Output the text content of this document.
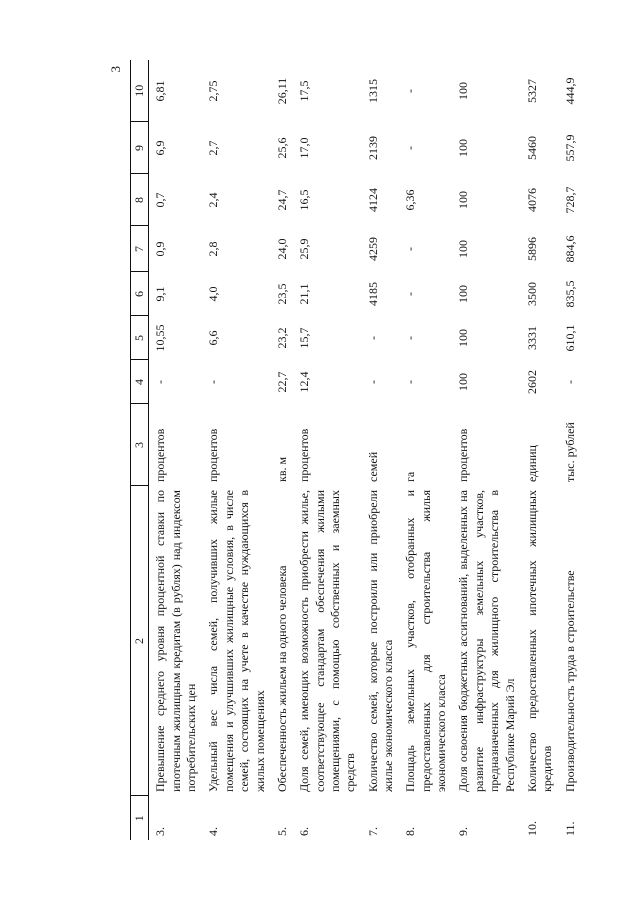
3
1	2	3	4	5	6	7	8	9	10
3.	Превышение среднего уровня процентной ставки по ипотечным жилищным кредитам (в рублях) над индексом потребительских цен	процентов	-	10,55	9,1	0,9	0,7	6,9	6,81
4.	Удельный вес числа семей, получивших жилые помещения и улучшивших жилищные условия, в числе семей, состоящих на учете в качестве нуждающихся в жилых помещениях	процентов	-	6,6	4,0	2,8	2,4	2,7	2,75
5.	Обеспеченность жильем на одного человека	кв. м	22,7	23,2	23,5	24,0	24,7	25,6	26,11
6.	Доля семей, имеющих возможность приобрести жилье, соответствующее стандартам обеспечения жилыми помещениями, с помощью собственных и заемных средств	процентов	12,4	15,7	21,1	25,9	16,5	17,0	17,5
7.	Количество семей, которые построили или приобрели жилье экономического класса	семей	-	-	4185	4259	4124	2139	1315
8.	Площадь земельных участков, отобранных и предоставленных для строительства жилья экономического класса	га	-	-	-	-	6,36	-	-
9.	Доля освоения бюджетных ассигнований, выделенных на развитие инфраструктуры земельных участков, предназначенных для жилищного строительства в Республике Марий Эл	процентов	100	100	100	100	100	100	100
10.	Количество предоставленных ипотечных жилищных кредитов	единиц	2602	3331	3500	5896	4076	5460	5327
11.	Производительность труда в строительстве	тыс. рублей	-	610,1	835,5	884,6	728,7	557,9	444,9
